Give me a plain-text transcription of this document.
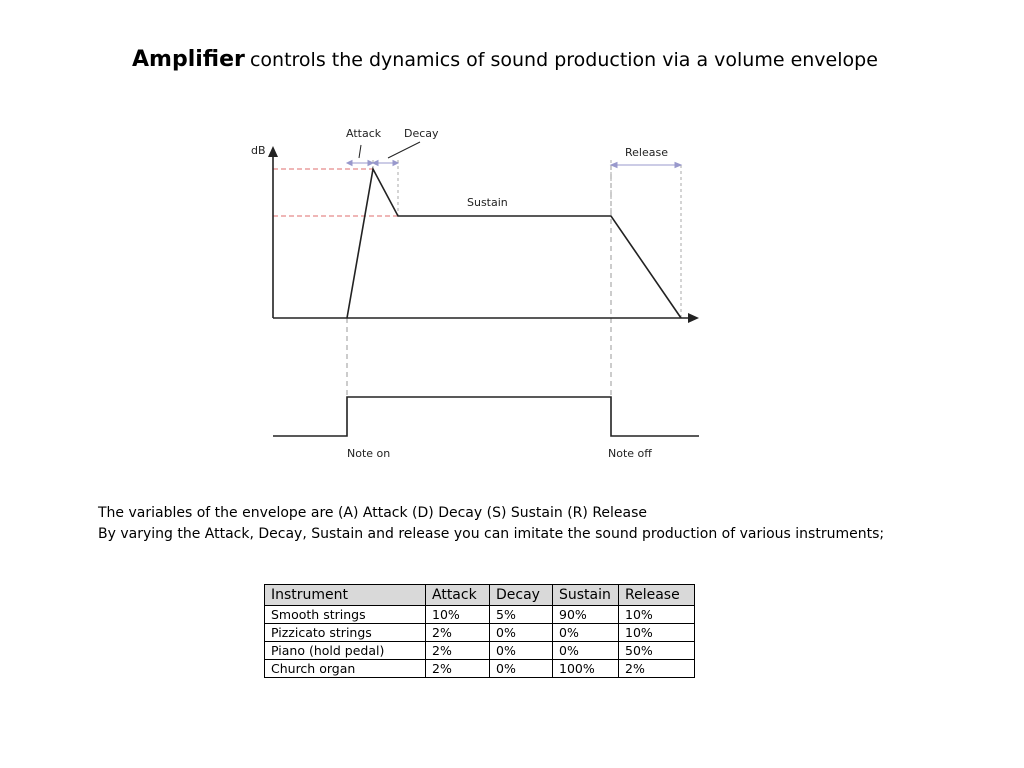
Amplifier controls the dynamics of sound production via a volume envelope
dB
Attack Decay
Sustain
Release
Note on	Note off
The variables of the envelope are (A) Attack (D) Decay (S) Sustain (R) Release
By varying the Attack, Decay, Sustain and release you can imitate the sound production of various instruments;
Instrument	Attack	Decay	Sustain	Release
Smooth strings	10%	5%	90%	10%
Pizzicato strings	2%	0%	0%	10%
Piano (hold pedal)	2%	0%	0%	50%
Church organ	2%	0%	100%	2%
